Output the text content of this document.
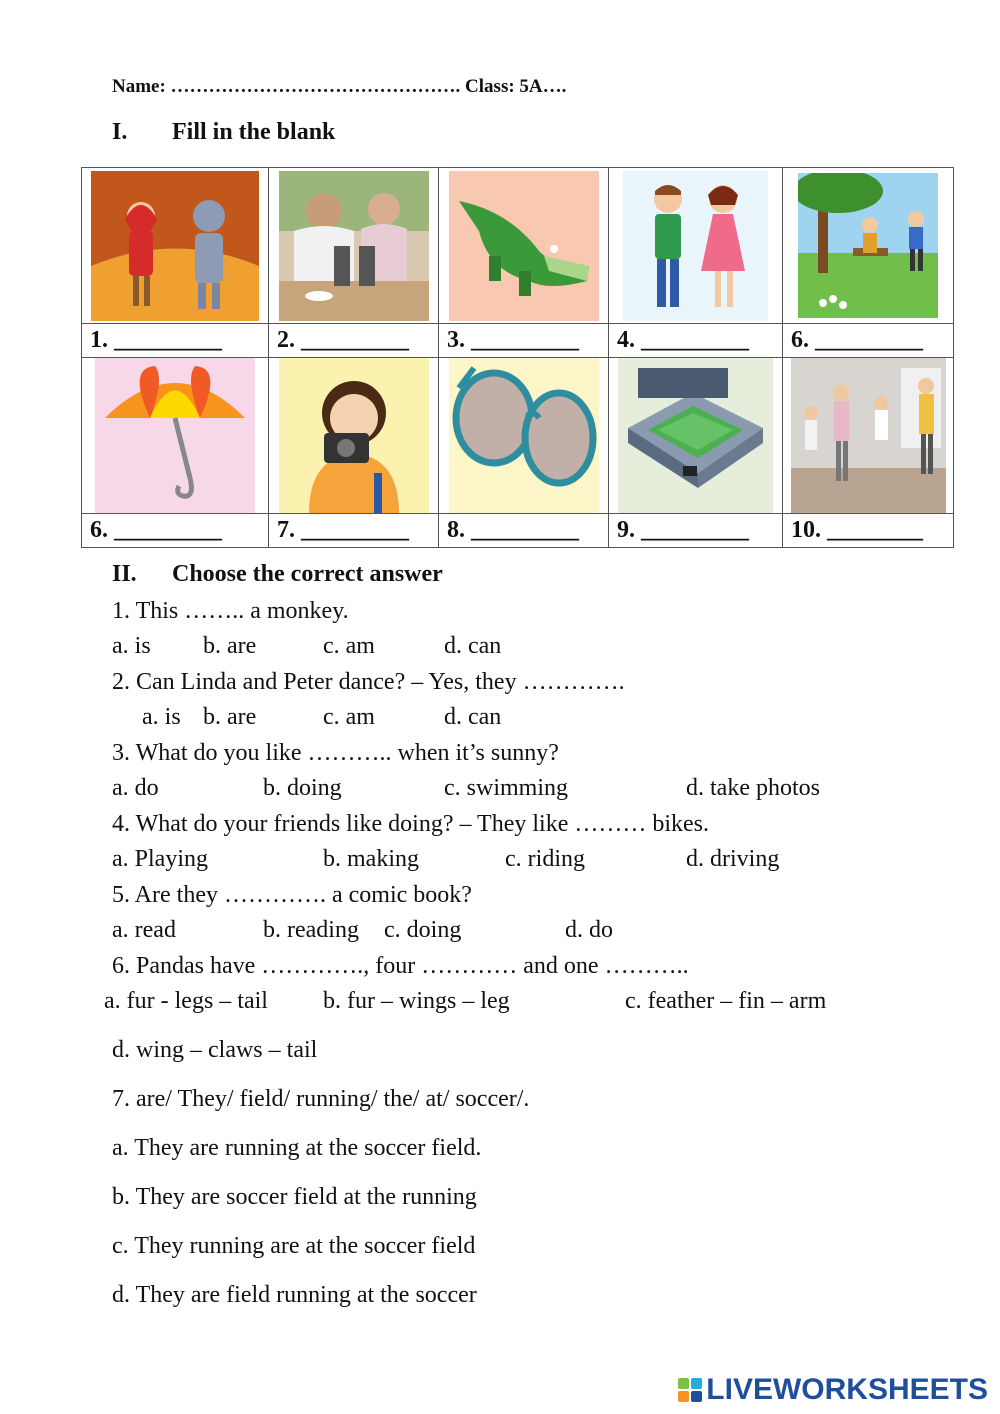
Name: ………………………………………. Class: 5A….
I. Fill in the blank

1. _________	2. _________	3. _________	4. _________	6. _________

6. _________	7. _________	8. _________	9. _________	10. ________
II. Choose the correct answer
1. This …….. a monkey.
a. is b. are	c. am	d. can
2. Can Linda and Peter dance? – Yes, they ………….
a. is b. are	c. am	d. can
3. What do you like ……….. when it’s sunny?
a. do	b. doing	c. swimming	d. take photos
4. What do your friends like doing? – They like ……… bikes.
a. Playing	b. making	c. riding	d. driving
5. Are they …………. a comic book?
a. read	b. reading c. doing	d. do
6. Pandas have …………., four ………… and one ………..
a. fur - legs – tail b. fur – wings – leg	c. feather – fin – arm
d. wing – claws – tail
7. are/ They/ field/ running/ the/ at/ soccer/.
a. They are running at the soccer field.
b. They are soccer field at the running
c. They running are at the soccer field
d. They are field running at the soccer
LIVEWORKSHEETS
